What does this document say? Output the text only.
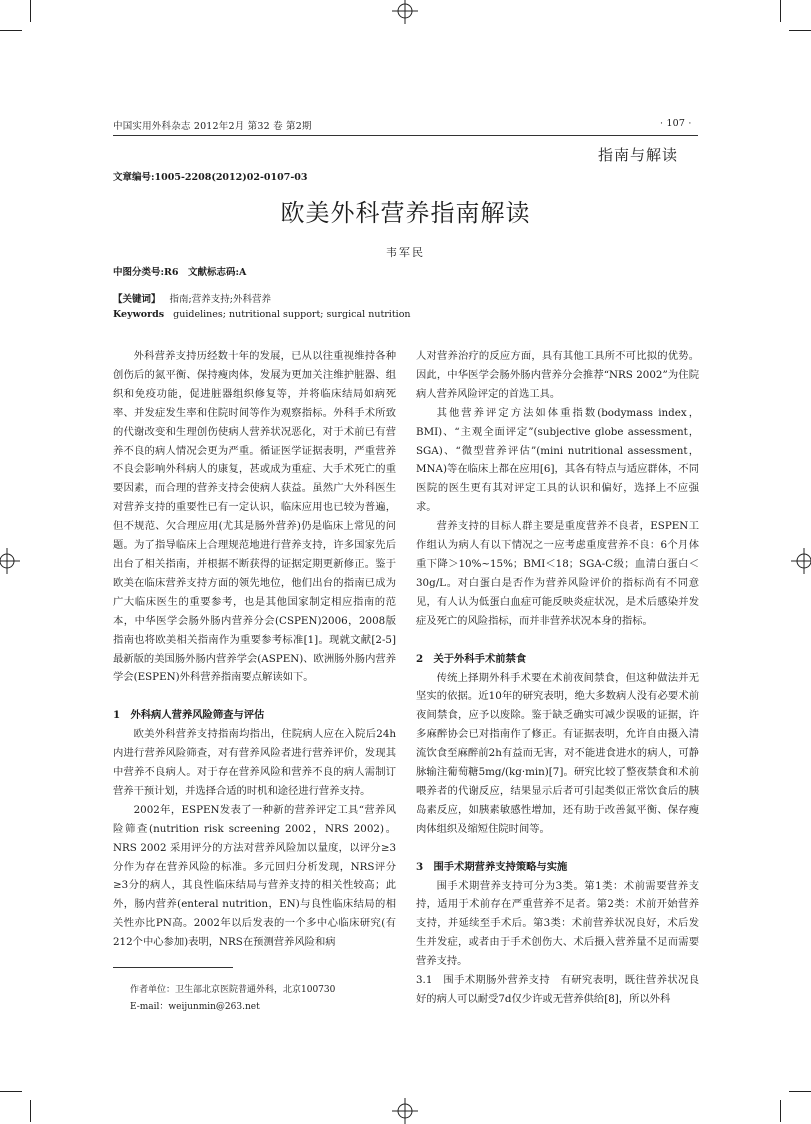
中国实用外科杂志 2012年2月 第32 卷 第2期	· 107 ·
指南与解读
文章编号:1005-2208(2012)02-0107-03
欧美外科营养指南解读
韦军民
中图分类号:R6　文献标志码:A
【关键词】 指南;营养支持;外科营养
Keywords guidelines; nutritional support; surgical nutrition

外科营养支持历经数十年的发展，已从以往重视维持各种创伤后的氮平衡、保持瘦肉体，发展为更加关注维护脏器、组织和免疫功能，促进脏器组织修复等，并将临床结局如病死率、并发症发生率和住院时间等作为观察指标。外科手术所致的代谢改变和生理创伤使病人营养状况恶化，对于术前已有营养不良的病人情况会更为严重。循证医学证据表明，严重营养不良会影响外科病人的康复，甚或成为重症、大手术死亡的重要因素，而合理的营养支持会使病人获益。虽然广大外科医生对营养支持的重要性已有一定认识，临床应用也已较为普遍，但不规范、欠合理应用(尤其是肠外营养)仍是临床上常见的问题。为了指导临床上合理规范地进行营养支持，许多国家先后出台了相关指南，并根据不断获得的证据定期更新修正。鉴于欧美在临床营养支持方面的领先地位，他们出台的指南已成为广大临床医生的重要参考，也是其他国家制定相应指南的范本，中华医学会肠外肠内营养分会(CSPEN)2006，2008版指南也将欧美相关指南作为重要参考标准[1]。现就文献[2-5]最新版的美国肠外肠内营养学会(ASPEN)、欧洲肠外肠内营养学会(ESPEN)外科营养指南要点解读如下。

1　外科病人营养风险筛查与评估

欧美外科营养支持指南均指出，住院病人应在入院后24h内进行营养风险筛查，对有营养风险者进行营养评价，发现其中营养不良病人。对于存在营养风险和营养不良的病人需制订营养干预计划，并选择合适的时机和途径进行营养支持。

2002年，ESPEN发表了一种新的营养评定工具“营养风险筛查(nutrition risk screening 2002，NRS 2002)。NRS 2002 采用评分的方法对营养风险加以量度，以评分≥3分作为存在营养风险的标准。多元回归分析发现，NRS评分≥3分的病人，其良性临床结局与营养支持的相关性较高；此外，肠内营养(enteral nutrition，EN)与良性临床结局的相关性亦比PN高。2002年以后发表的一个多中心临床研究(有212个中心参加)表明，NRS在预测营养风险和病

作者单位：卫生部北京医院普通外科，北京100730
E-mail：weijunmin@263.net

人对营养治疗的反应方面，具有其他工具所不可比拟的优势。因此，中华医学会肠外肠内营养分会推荐“NRS 2002”为住院病人营养风险评定的首选工具。

其他营养评定方法如体重指数(bodymass index，BMI)、“主观全面评定”(subjective globe assessment，SGA)、“微型营养评估”(mini nutritional assessment，MNA)等在临床上都在应用[6]，其各有特点与适应群体，不同医院的医生更有其对评定工具的认识和偏好，选择上不应强求。

营养支持的目标人群主要是重度营养不良者，ESPEN工作组认为病人有以下情况之一应考虑重度营养不良：6个月体重下降＞10%~15%；BMI＜18；SGA-C级；血清白蛋白＜30g/L。对白蛋白是否作为营养风险评价的指标尚有不同意见，有人认为低蛋白血症可能反映炎症状况，是术后感染并发症及死亡的风险指标，而并非营养状况本身的指标。

2　关于外科手术前禁食

传统上择期外科手术要在术前夜间禁食，但这种做法并无坚实的依据。近10年的研究表明，绝大多数病人没有必要术前夜间禁食，应予以废除。鉴于缺乏确实可减少误吸的证据，许多麻醉协会已对指南作了修正。有证据表明，允许自由摄入清流饮食至麻醉前2h有益而无害，对不能进食进水的病人，可静脉输注葡萄糖5mg/(kg·min)[7]。研究比较了整夜禁食和术前喂养者的代谢反应，结果显示后者可引起类似正常饮食后的胰岛素反应，如胰素敏感性增加，还有助于改善氮平衡、保存瘦肉体组织及缩短住院时间等。

3　围手术期营养支持策略与实施

围手术期营养支持可分为3类。第1类：术前需要营养支持，适用于术前存在严重营养不足者。第2类：术前开始营养支持，并延续至手术后。第3类：术前营养状况良好，术后发生并发症，或者由于手术创伤大、术后摄入营养量不足而需要营养支持。

3.1　围手术期肠外营养支持　有研究表明，既往营养状况良好的病人可以耐受7d仅少许或无营养供给[8]，所以外科
